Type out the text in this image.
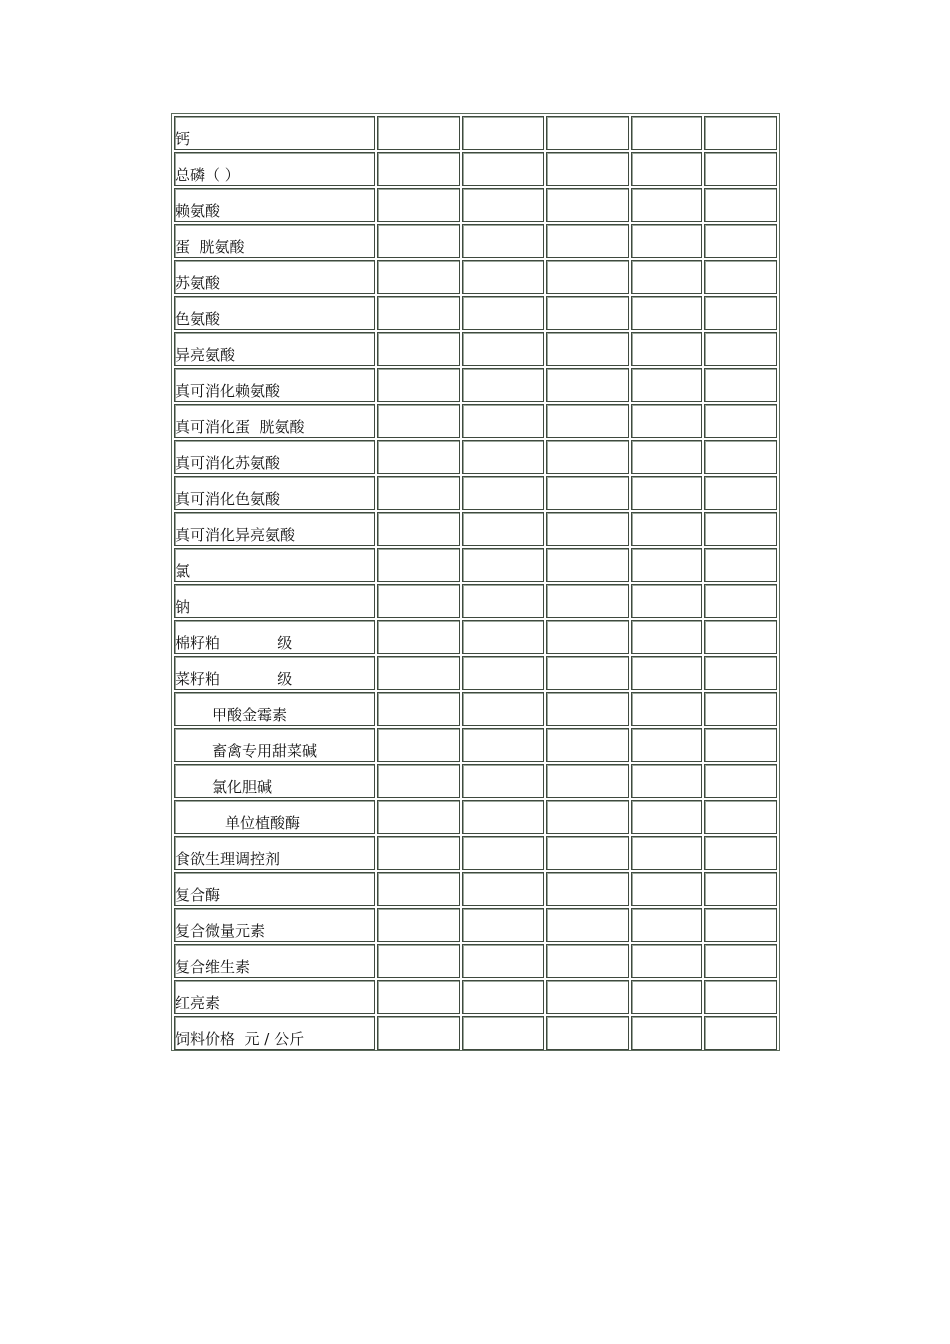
钙					
总磷（ ）					
赖氨酸					
蛋  胱氨酸					
苏氨酸					
色氨酸					
异亮氨酸					
真可消化赖氨酸					
真可消化蛋  胱氨酸					
真可消化苏氨酸					
真可消化色氨酸					
真可消化异亮氨酸					
氯					
钠					
棉籽粕            级					
菜籽粕            级					
甲酸金霉素					
畜禽专用甜菜碱					
氯化胆碱					
单位植酸酶					
食欲生理调控剂					
复合酶					
复合微量元素					
复合维生素					
红亮素					
饲料价格  元 / 公斤					
